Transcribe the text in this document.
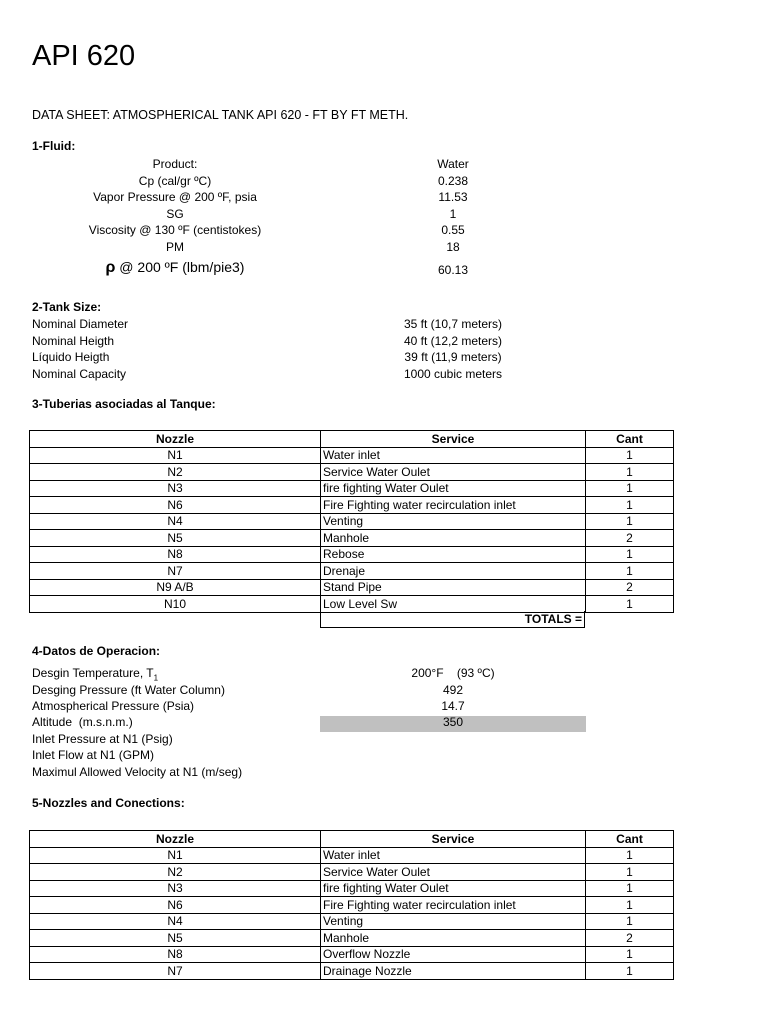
API 620
DATA SHEET: ATMOSPHERICAL TANK API 620 - FT BY FT METH.
1-Fluid:
Product:	Water
Cp (cal/gr ºC)	0.238
Vapor Pressure @ 200 ºF, psia	11.53
SG	1
Viscosity @ 130 ºF (centistokes)	0.55
PM	18
ρ @ 200 ºF (lbm/pie3)	60.13
2-Tank Size:
Nominal Diameter	35 ft (10,7 meters)
Nominal Heigth	40 ft (12,2 meters)
Líquido Heigth	39 ft (11,9 meters)
Nominal Capacity	1000 cubic meters
3-Tuberias asociadas al Tanque:
Nozzle	Service	Cant
N1	Water inlet	1
N2	Service Water Oulet	1
N3	fire fighting Water Oulet	1
N6	Fire Fighting water recirculation inlet	1
N4	Venting	1
N5	Manhole	2
N8	Rebose	1
N7	Drenaje	1
N9 A/B	Stand Pipe	2
N10	Low Level Sw	1
TOTALS =
4-Datos de Operacion:
Desgin Temperature, $T_1$	200°F    (93 ºC)
Desging Pressure (ft Water Column)	492
Atmospherical Pressure (Psia)	14.7
Altitude  (m.s.n.m.)	350
Inlet Pressure at N1 (Psig)
Inlet Flow at N1 (GPM)
Maximul Allowed Velocity at N1 (m/seg)
5-Nozzles and Conections:
Nozzle	Service	Cant
N1	Water inlet	1
N2	Service Water Oulet	1
N3	fire fighting Water Oulet	1
N6	Fire Fighting water recirculation inlet	1
N4	Venting	1
N5	Manhole	2
N8	Overflow Nozzle	1
N7	Drainage Nozzle	1
